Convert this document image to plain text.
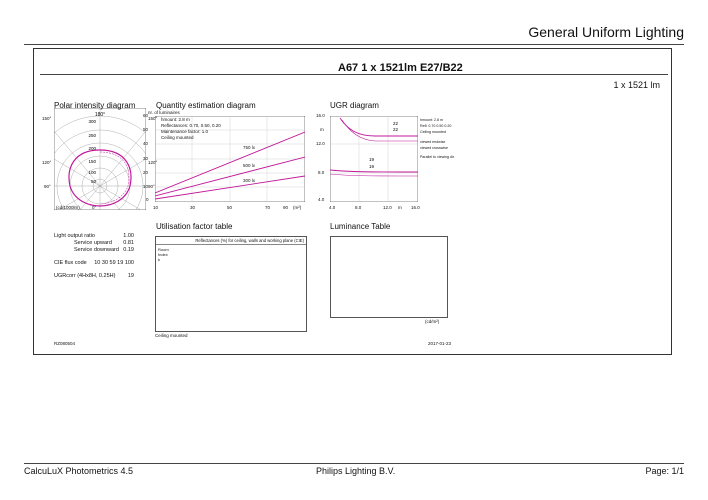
General Uniform Lighting
A67 1 x 1521lm E27/B22
1 x 1521 lm
Polar intensity diagram
180°
300
250
200
150
100
50
150°	150°
120°	120°
90°	90°
(cd/1000lm)	0°
Quantity estimation diagram
nr. of luminaires
hmount: 2.8 m
Reflectances: 0.70, 0.50, 0.20
Maintenance factor: 1.0
Ceiling mounted
750 lx
500 lx
300 lx
60
50
40
30
20
10
0
10	30	50	70	90 (m²)
UGR diagram
22
22
19
19
16.0
m
12.0
8.0
4.0
4.0	8.0	12.0 m 16.0
hmount: 2.8 m
Refl: 0.70 0.50 0.20
Ceiling mounted
viewed endwise
viewed crosswise
Parallel to viewing dir.
Utilisation factor table
Light output ratio	1.00
Service upward 0.81
Service downward 0.19
CIE flux code 10 30 59 19 100
UGRcorr (4Hx8H, 0.25H) 19
Reflectances (%) for ceiling, walls and working plane (CIE)
Room Index k
Ceiling mounted
Luminance Table
(cd/m²)
RZ080504	2017-01-23
CalcuLuX Photometrics 4.5	Philips Lighting B.V.	Page: 1/1
